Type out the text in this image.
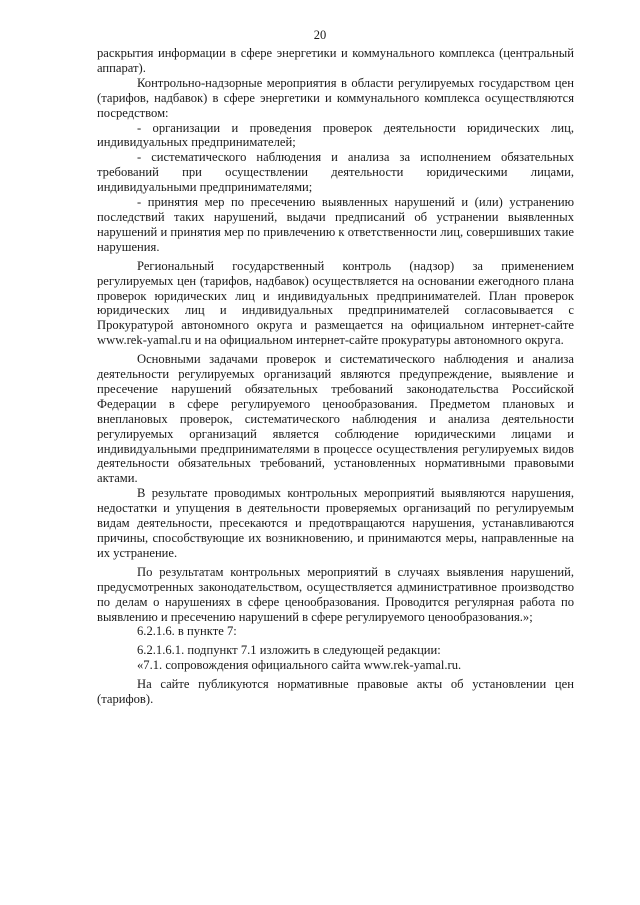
20

раскрытия информации в сфере энергетики и коммунального комплекса (центральный аппарат).

Контрольно-надзорные мероприятия в области регулируемых государством цен (тарифов, надбавок) в сфере энергетики и коммунального комплекса осуществляются посредством:

- организации и проведения проверок деятельности юридических лиц, индивидуальных предпринимателей;

- систематического наблюдения и анализа за исполнением обязательных требований при осуществлении деятельности юридическими лицами, индивидуальными предпринимателями;

- принятия мер по пресечению выявленных нарушений и (или) устранению последствий таких нарушений, выдачи предписаний об устранении выявленных нарушений и принятия мер по привлечению к ответственности лиц, совершивших такие нарушения.

Региональный государственный контроль (надзор) за применением регулируемых цен (тарифов, надбавок) осуществляется на основании ежегодного плана проверок юридических лиц и индивидуальных предпринимателей. План проверок юридических лиц и индивидуальных предпринимателей согласовывается с Прокуратурой автономного округа и размещается на официальном интернет-сайте www.rek-yamal.ru и на официальном интернет-сайте прокуратуры автономного округа.

Основными задачами проверок и систематического наблюдения и анализа деятельности регулируемых организаций являются предупреждение, выявление и пресечение нарушений обязательных требований законодательства Российской Федерации в сфере регулируемого ценообразования. Предметом плановых и внеплановых проверок, систематического наблюдения и анализа деятельности регулируемых организаций является соблюдение юридическими лицами и индивидуальными предпринимателями в процессе осуществления регулируемых видов деятельности обязательных требований, установленных нормативными правовыми актами.

В результате проводимых контрольных мероприятий выявляются нарушения, недостатки и упущения в деятельности проверяемых организаций по регулируемым видам деятельности, пресекаются и предотвращаются нарушения, устанавливаются причины, способствующие их возникновению, и принимаются меры, направленные на их устранение.

По результатам контрольных мероприятий в случаях выявления нарушений, предусмотренных законодательством, осуществляется административное производство по делам о нарушениях в сфере ценообразования. Проводится регулярная работа по выявлению и пресечению нарушений в сфере регулируемого ценообразования.»;

6.2.1.6. в пункте 7:

6.2.1.6.1. подпункт 7.1 изложить в следующей редакции:

«7.1. сопровождения официального сайта www.rek-yamal.ru.

На сайте публикуются нормативные правовые акты об установлении цен (тарифов).
